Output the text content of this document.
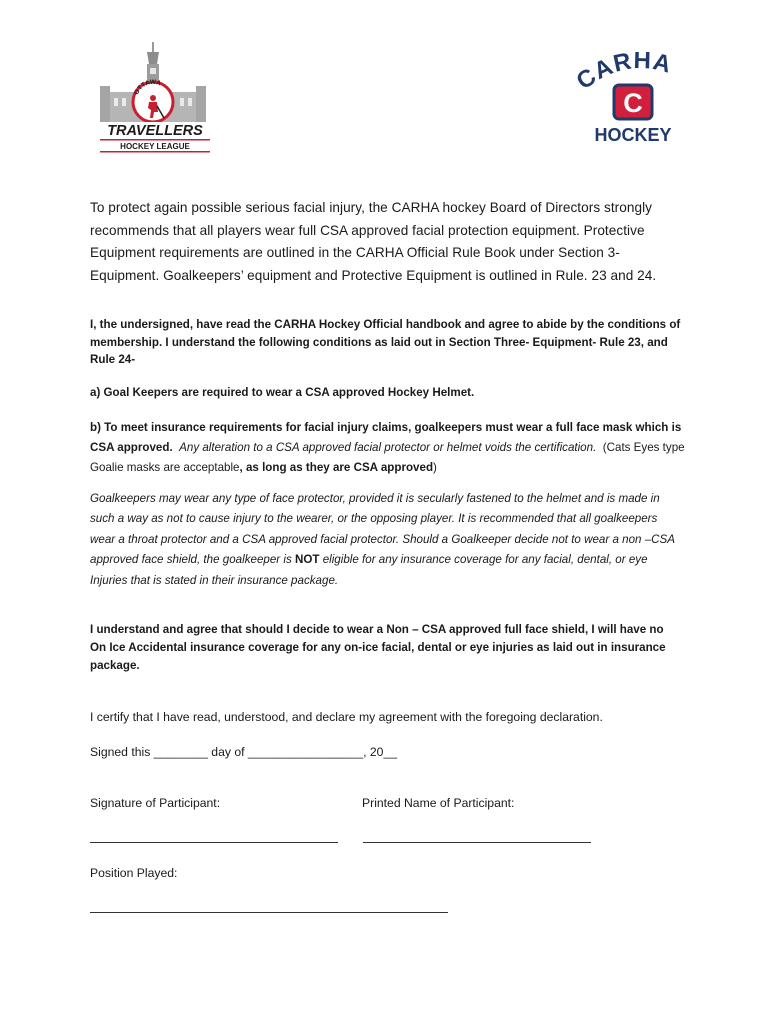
OTTAWA
TRAVELLERS
HOCKEY LEAGUE
CARHA
C
HOCKEY

To protect again possible serious facial injury, the CARHA hockey Board of Directors strongly recommends that all players wear full CSA approved facial protection equipment. Protective Equipment requirements are outlined in the CARHA Official Rule Book under Section 3- Equipment. Goalkeepers’ equipment and Protective Equipment is outlined in Rule. 23 and 24.

I, the undersigned, have read the CARHA Hockey Official handbook and agree to abide by the conditions of membership. I understand the following conditions as laid out in Section Three- Equipment- Rule 23, and Rule 24-

a) Goal Keepers are required to wear a CSA approved Hockey Helmet.

b) To meet insurance requirements for facial injury claims, goalkeepers must wear a full face mask which is CSA approved. Any alteration to a CSA approved facial protector or helmet voids the certification. (Cats Eyes type Goalie masks are acceptable, as long as they are CSA approved)

Goalkeepers may wear any type of face protector, provided it is secularly fastened to the helmet and is made in such a way as not to cause injury to the wearer, or the opposing player. It is recommended that all goalkeepers wear a throat protector and a CSA approved facial protector. Should a Goalkeeper decide not to wear a non –CSA approved face shield, the goalkeeper is NOT eligible for any insurance coverage for any facial, dental, or eye Injuries that is stated in their insurance package.

I understand and agree that should I decide to wear a Non – CSA approved full face shield, I will have no On Ice Accidental insurance coverage for any on-ice facial, dental or eye injuries as laid out in insurance package.

I certify that I have read, understood, and declare my agreement with the foregoing declaration.

Signed this ________ day of _________________, 20__

Signature of Participant:	Printed Name of Participant:

Position Played:
